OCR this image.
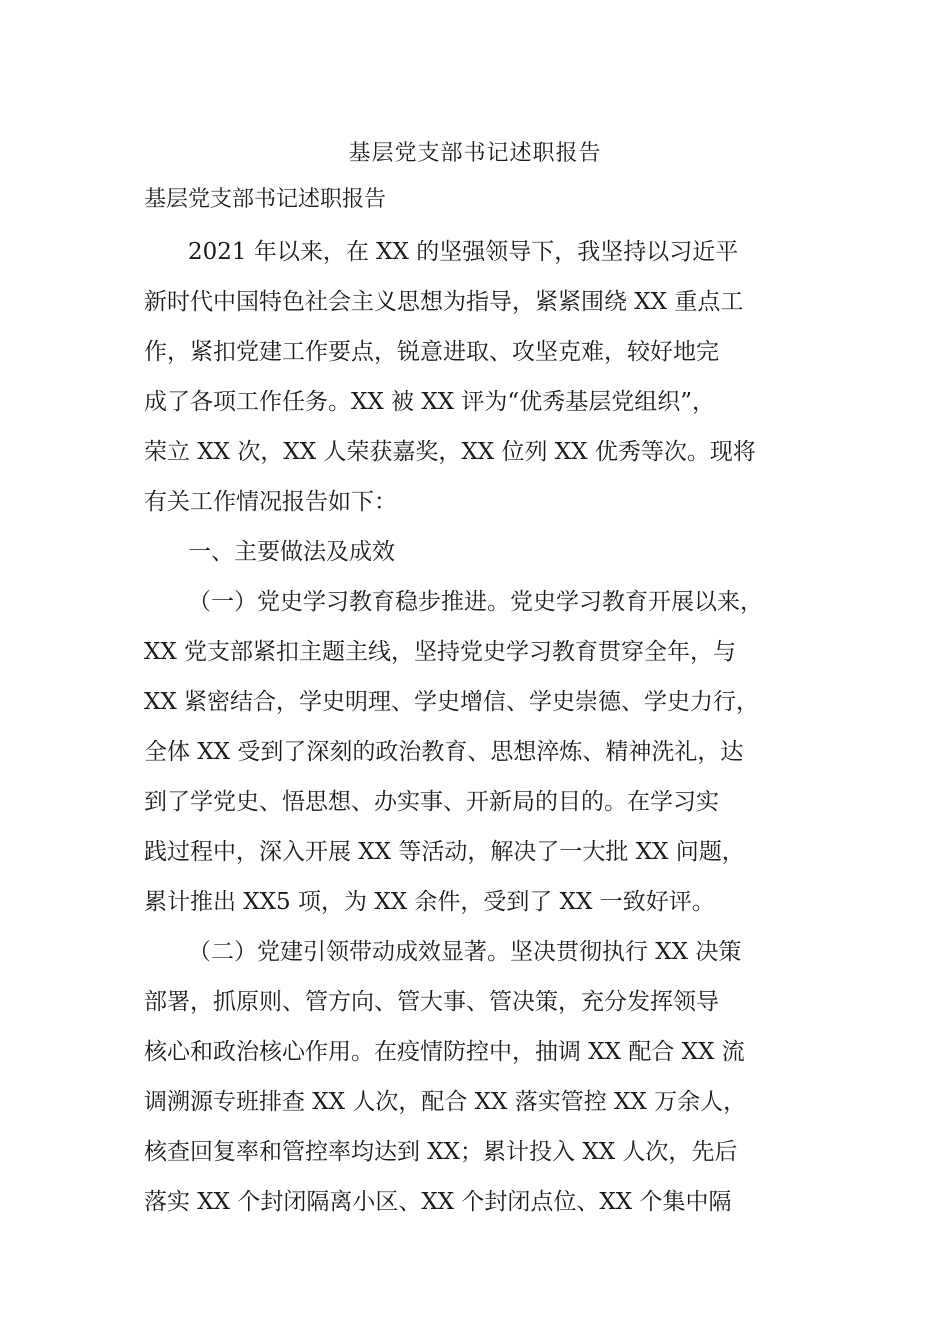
基层党支部书记述职报告
基层党支部书记述职报告
2021 年以来，在 XX 的坚强领导下，我坚持以习近平
新时代中国特色社会主义思想为指导，紧紧围绕 XX 重点工
作，紧扣党建工作要点，锐意进取、攻坚克难，较好地完
成了各项工作任务。XX 被 XX 评为“优秀基层党组织”，
荣立 XX 次，XX 人荣获嘉奖，XX 位列 XX 优秀等次。现将
有关工作情况报告如下：
一、主要做法及成效
（一）党史学习教育稳步推进。党史学习教育开展以来，
XX 党支部紧扣主题主线，坚持党史学习教育贯穿全年，与
XX 紧密结合，学史明理、学史增信、学史崇德、学史力行，
全体 XX 受到了深刻的政治教育、思想淬炼、精神洗礼，达
到了学党史、悟思想、办实事、开新局的目的。在学习实
践过程中，深入开展 XX 等活动，解决了一大批 XX 问题，
累计推出 XX5 项，为 XX 余件，受到了 XX 一致好评。
（二）党建引领带动成效显著。坚决贯彻执行 XX 决策
部署，抓原则、管方向、管大事、管决策，充分发挥领导
核心和政治核心作用。在疫情防控中，抽调 XX 配合 XX 流
调溯源专班排查 XX 人次，配合 XX 落实管控 XX 万余人，
核查回复率和管控率均达到 XX；累计投入 XX 人次，先后
落实 XX 个封闭隔离小区、XX 个封闭点位、XX 个集中隔
